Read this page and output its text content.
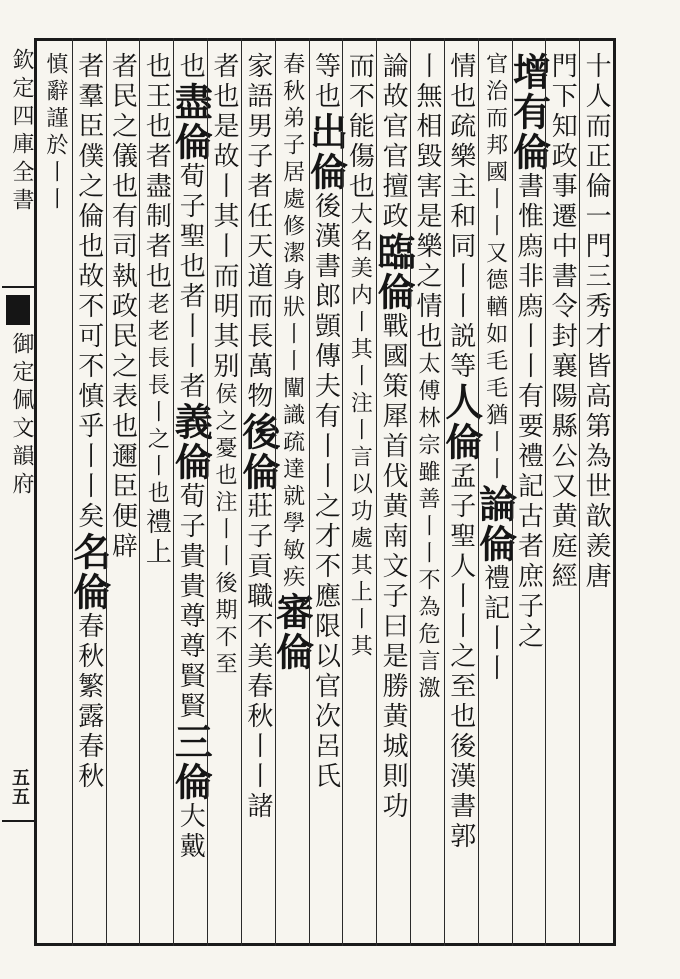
欽定四庫全書
御定佩文韻府
五五
十人而正倫一門三秀才皆高第為世歆羨唐
門下知政事遷中書令封襄陽縣公又黄庭經
增有倫
書惟𢊁非𢊁丨丨有要禮記古者庶子之
官治而邦國丨丨又德輶如毛毛猶丨丨
論倫
禮記丨丨
情也疏樂主和同丨丨
説等
人倫
孟子聖人丨丨之至也後漢書郭
丨無相毀害是樂之情也
太傅林宗雖善丨丨不為危言激
論故官官擅政
臨倫
戰國策犀首伐黄南文子曰是勝黄城則功
而不能傷也
大名美内丨其丨注丨言以功處其上丨其
等也
出倫
後漢書郎顗傳夫有丨丨之才不應限以官次呂氏
春秋弟子居處修潔身狀丨丨闡識疏達就學敏疾
審倫
家語男子者任天道而長萬物
後倫
莊子貢職不美春秋丨丨諸
者也是故丨其丨而明其别
侯之憂也注丨丨後期不至
也
盡倫
荀子聖也者丨丨者
義倫
荀子貴貴尊尊賢賢
三倫
大戴
也王也者盡制者也
老老長長丨之丨也
禮上
者民之儀也有司執政民之表也邇臣便辟
者羣臣僕之倫也故不可不慎乎丨丨矣
名倫
春秋繁露春秋
慎辭謹於丨丨
